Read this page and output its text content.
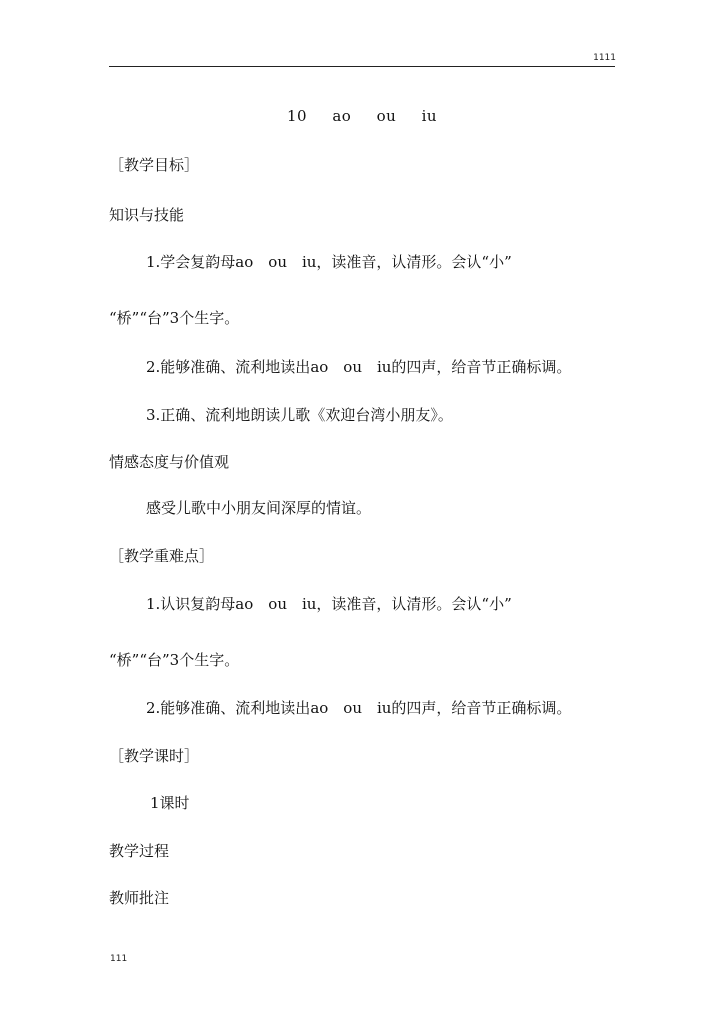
1111
10 ao ou iu
［教学目标］
知识与技能
1.学会复韵母ao　ou　iu，读准音，认清形。会认“小”
“桥”“台”3个生字。
2.能够准确、流利地读出ao　ou　iu的四声，给音节正确标调。
3.正确、流利地朗读儿歌《欢迎台湾小朋友》。
情感态度与价值观
感受儿歌中小朋友间深厚的情谊。
［教学重难点］
1.认识复韵母ao　ou　iu，读准音，认清形。会认“小”
“桥”“台”3个生字。
2.能够准确、流利地读出ao　ou　iu的四声，给音节正确标调。
［教学课时］
1课时
教学过程
教师批注
111
